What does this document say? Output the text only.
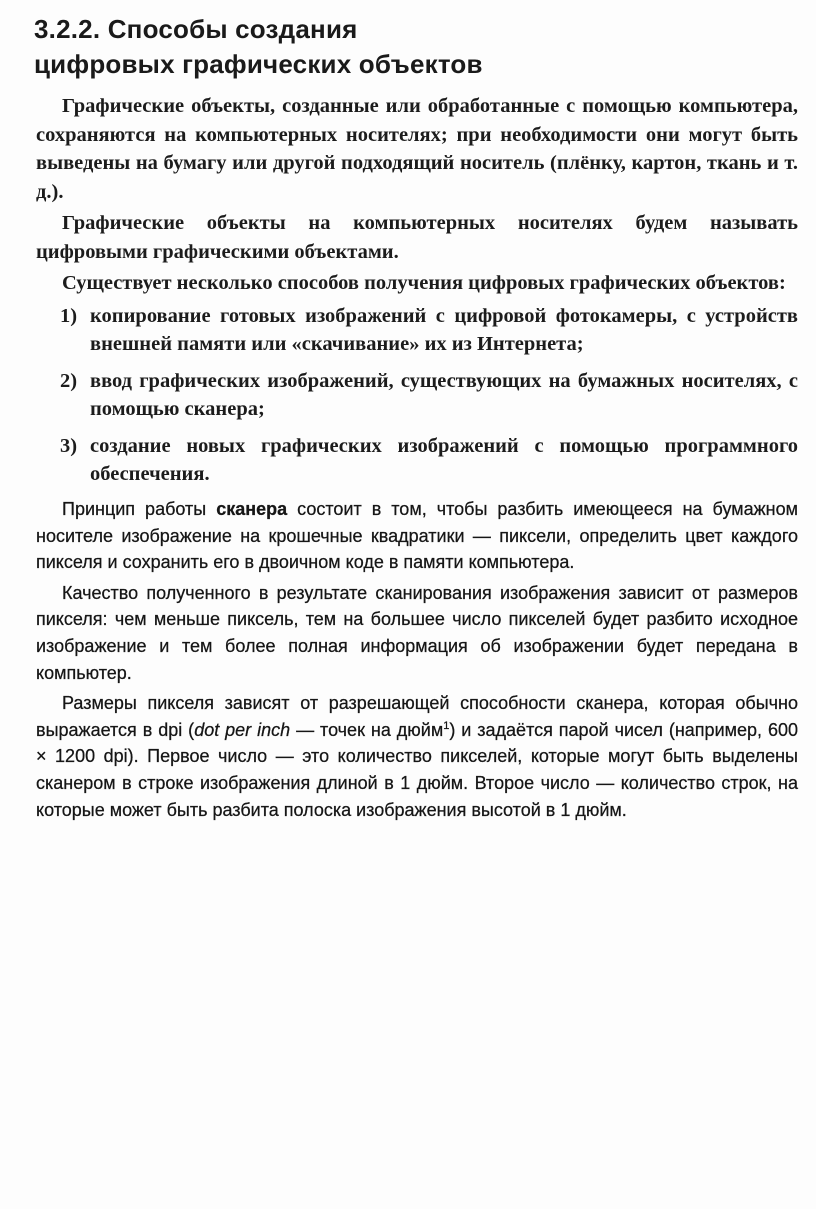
3.2.2. Способы создания
цифровых графических объектов

Графические объекты, созданные или обработанные с помощью компьютера, сохраняются на компьютерных носителях; при необходимости они могут быть выведены на бумагу или другой подходящий носитель (плёнку, картон, ткань и т. д.).

Графические объекты на компьютерных носителях будем называть цифровыми графическими объектами.

Существует несколько способов получения цифровых графических объектов:

1) копирование готовых изображений с цифровой фотокамеры, с устройств внешней памяти или «скачивание» их из Интернета;
2) ввод графических изображений, существующих на бумажных носителях, с помощью сканера;
3) создание новых графических изображений с помощью программного обеспечения.

Принцип работы сканера состоит в том, чтобы разбить имеющееся на бумажном носителе изображение на крошечные квадратики — пиксели, определить цвет каждого пикселя и сохранить его в двоичном коде в памяти компьютера.

Качество полученного в результате сканирования изображения зависит от размеров пикселя: чем меньше пиксель, тем на большее число пикселей будет разбито исходное изображение и тем более полная информация об изображении будет передана в компьютер.

Размеры пикселя зависят от разрешающей способности сканера, которая обычно выражается в dpi (dot per inch — точек на дюйм$^1$) и задаётся парой чисел (например, 600 × 1200 dpi). Первое число — это количество пикселей, которые могут быть выделены сканером в строке изображения длиной в 1 дюйм. Второе число — количество строк, на которые может быть разбита полоска изображения высотой в 1 дюйм.
